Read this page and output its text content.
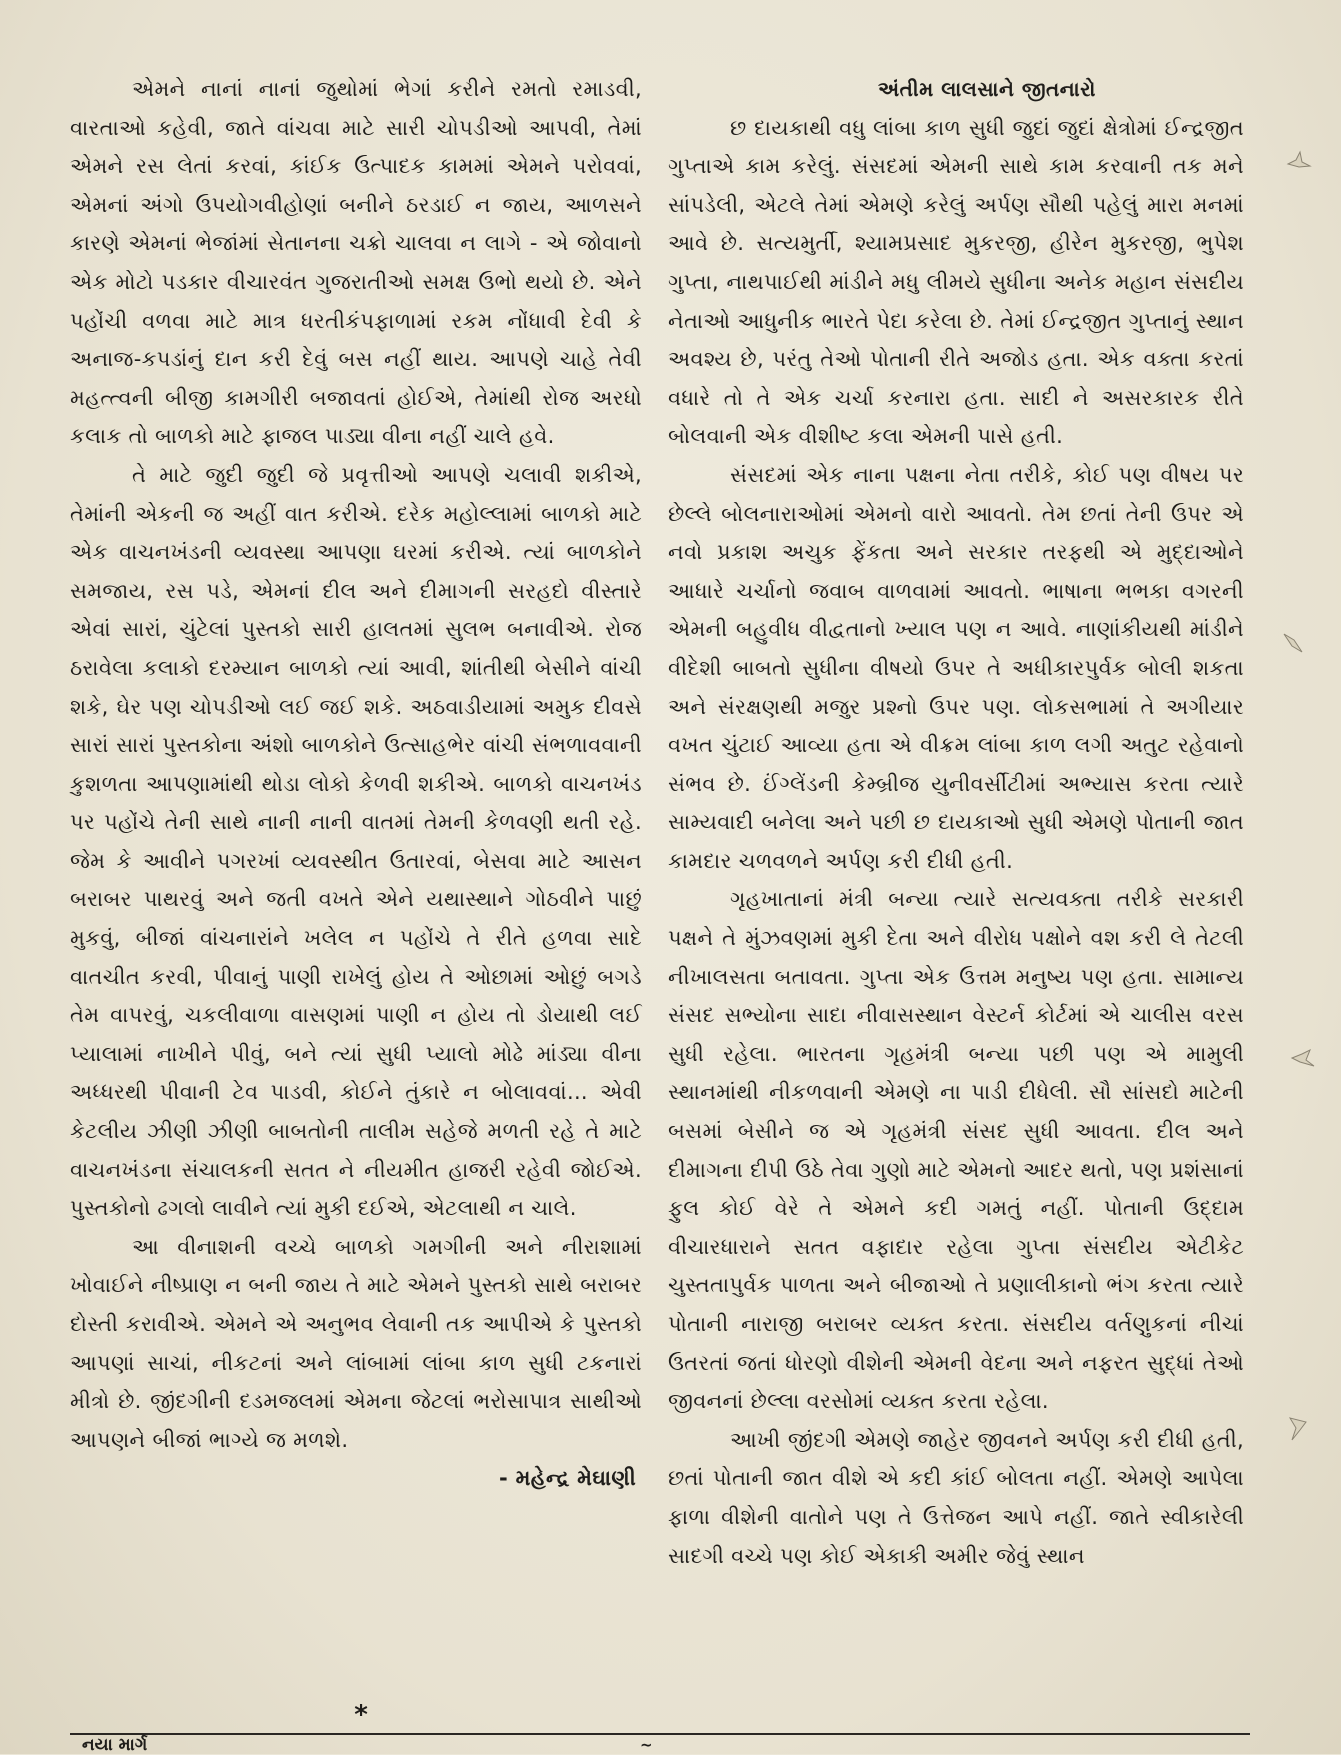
એમને નાનાં નાનાં જુથોમાં ભેગાં કરીને રમતો રમાડવી, વારતાઓ કહેવી, જાતે વાંચવા માટે સારી ચોપડીઓ આપવી, તેમાં એમને રસ લેતાં કરવાં, કાંઈક ઉત્પાદક કામમાં એમને પરોવવાં, એમનાં અંગો ઉપયોગવીહોણાં બનીને ઠરડાઈ ન જાય, આળસને કારણે એમનાં ભેજાંમાં સેતાનના ચક્રો ચાલવા ન લાગે - એ જોવાનો એક મોટો પડકાર વીચારવંત ગુજરાતીઓ સમક્ષ ઉભો થયો છે. એને પહોંચી વળવા માટે માત્ર ધરતીકંપફાળામાં રકમ નોંધાવી દેવી કે અનાજ-કપડાંનું દાન કરી દેવું બસ નહીં થાય. આપણે ચાહે તેવી મહત્ત્વની બીજી કામગીરી બજાવતાં હોઈએ, તેમાંથી રોજ અરધો કલાક તો બાળકો માટે ફાજલ પાડ્યા વીના નહીં ચાલે હવે.

તે માટે જુદી જુદી જે પ્રવૃત્તીઓ આપણે ચલાવી શકીએ, તેમાંની એકની જ અહીં વાત કરીએ. દરેક મહોલ્લામાં બાળકો માટે એક વાચનખંડની વ્યવસ્થા આપણા ઘરમાં કરીએ. ત્યાં બાળકોને સમજાય, રસ પડે, એમનાં દીલ અને દીમાગની સરહદો વીસ્તારે એવાં સારાં, ચુંટેલાં પુસ્તકો સારી હાલતમાં સુલભ બનાવીએ. રોજ ઠરાવેલા કલાકો દરમ્યાન બાળકો ત્યાં આવી, શાંતીથી બેસીને વાંચી શકે, ઘેર પણ ચોપડીઓ લઈ જઈ શકે. અઠવાડીયામાં અમુક દીવસે સારાં સારાં પુસ્તકોના અંશો બાળકોને ઉત્સાહભેર વાંચી સંભળાવવાની કુશળતા આપણામાંથી થોડા લોકો કેળવી શકીએ. બાળકો વાચનખંડ પર પહોંચે તેની સાથે નાની નાની વાતમાં તેમની કેળવણી થતી રહે. જેમ કે આવીને પગરખાં વ્યવસ્થીત ઉતારવાં, બેસવા માટે આસન બરાબર પાથરવું અને જતી વખતે એને યથાસ્થાને ગોઠવીને પાછું મુકવું, બીજાં વાંચનારાંને ખલેલ ન પહોંચે તે રીતે હળવા સાદે વાતચીત કરવી, પીવાનું પાણી રાખેલું હોય તે ઓછામાં ઓછું બગડે તેમ વાપરવું, ચકલીવાળા વાસણમાં પાણી ન હોય તો ડોયાથી લઈ પ્યાલામાં નાખીને પીવું, બને ત્યાં સુધી પ્યાલો મોઢે માંડ્યા વીના અધ્ધરથી પીવાની ટેવ પાડવી, કોઈને તુંકારે ન બોલાવવાં... એવી કેટલીય ઝીણી ઝીણી બાબતોની તાલીમ સહેજે મળતી રહે તે માટે વાચનખંડના સંચાલકની સતત ને નીયમીત હાજરી રહેવી જોઈએ. પુસ્તકોનો ઢગલો લાવીને ત્યાં મુકી દઈએ, એટલાથી ન ચાલે.

આ વીનાશની વચ્ચે બાળકો ગમગીની અને નીરાશામાં ખોવાઈને નીષ્પ્રાણ ન બની જાય તે માટે એમને પુસ્તકો સાથે બરાબર દોસ્તી કરાવીએ. એમને એ અનુભવ લેવાની તક આપીએ કે પુસ્તકો આપણાં સાચાં, નીકટનાં અને લાંબામાં લાંબા કાળ સુધી ટકનારાં મીત્રો છે. જીંદગીની દડમજલમાં એમના જેટલાં ભરોસાપાત્ર સાથીઓ આપણને બીજાં ભાગ્યે જ મળશે.

- મહેન્દ્ર મેઘાણી

*

અંતીમ લાલસાને જીતનારો

છ દાયકાથી વધુ લાંબા કાળ સુધી જુદાં જુદાં ક્ષેત્રોમાં ઈન્દ્રજીત ગુપ્તાએ કામ કરેલું. સંસદમાં એમની સાથે કામ કરવાની તક મને સાંપડેલી, એટલે તેમાં એમણે કરેલું અર્પણ સૌથી પહેલું મારા મનમાં આવે છે. સત્યમુર્તી, શ્યામપ્રસાદ મુકરજી, હીરેન મુકરજી, ભુપેશ ગુપ્તા, નાથપાઈથી માંડીને મધુ લીમયે સુધીના અનેક મહાન સંસદીય નેતાઓ આધુનીક ભારતે પેદા કરેલા છે. તેમાં ઈન્દ્રજીત ગુપ્તાનું સ્થાન અવશ્ય છે, પરંતુ તેઓ પોતાની રીતે અજોડ હતા. એક વક્તા કરતાં વધારે તો તે એક ચર્ચા કરનારા હતા. સાદી ને અસરકારક રીતે બોલવાની એક વીશીષ્ટ કલા એમની પાસે હતી.

સંસદમાં એક નાના પક્ષના નેતા તરીકે, કોઈ પણ વીષય પર છેલ્લે બોલનારાઓમાં એમનો વારો આવતો. તેમ છતાં તેની ઉપર એ નવો પ્રકાશ અચુક ફેંકતા અને સરકાર તરફથી એ મુદ્દાઓને આધારે ચર્ચાનો જવાબ વાળવામાં આવતો. ભાષાના ભભકા વગરની એમની બહુવીધ વીદ્વતાનો ખ્યાલ પણ ન આવે. નાણાંકીયથી માંડીને વીદેશી બાબતો સુધીના વીષયો ઉપર તે અધીકારપુર્વક બોલી શકતા અને સંરક્ષણથી મજુર પ્રશ્નો ઉપર પણ. લોકસભામાં તે અગીયાર વખત ચુંટાઈ આવ્યા હતા એ વીક્રમ લાંબા કાળ લગી અતુટ રહેવાનો સંભવ છે. ઈંગ્લેંડની કેમ્બ્રીજ યુનીવર્સીટીમાં અભ્યાસ કરતા ત્યારે સામ્યવાદી બનેલા અને પછી છ દાયકાઓ સુધી એમણે પોતાની જાત કામદાર ચળવળને અર્પણ કરી દીધી હતી.

ગૃહખાતાનાં મંત્રી બન્યા ત્યારે સત્યવક્તા તરીકે સરકારી પક્ષને તે મુંઝવણમાં મુકી દેતા અને વીરોધ પક્ષોને વશ કરી લે તેટલી નીખાલસતા બતાવતા. ગુપ્તા એક ઉત્તમ મનુષ્ય પણ હતા. સામાન્ય સંસદ સભ્યોના સાદા નીવાસસ્થાન વેસ્ટર્ન કોર્ટમાં એ ચાલીસ વરસ સુધી રહેલા. ભારતના ગૃહમંત્રી બન્યા પછી પણ એ મામુલી સ્થાનમાંથી નીકળવાની એમણે ના પાડી દીધેલી. સૌ સાંસદો માટેની બસમાં બેસીને જ એ ગૃહમંત્રી સંસદ સુધી આવતા. દીલ અને દીમાગના દીપી ઉઠે તેવા ગુણો માટે એમનો આદર થતો, પણ પ્રશંસાનાં ફુલ કોઈ વેરે તે એમને કદી ગમતું નહીં. પોતાની ઉદ્દામ વીચારધારાને સતત વફાદાર રહેલા ગુપ્તા સંસદીય એટીકેટ ચુસ્તતાપુર્વક પાળતા અને બીજાઓ તે પ્રણાલીકાનો ભંગ કરતા ત્યારે પોતાની નારાજી બરાબર વ્યક્ત કરતા. સંસદીય વર્તણુકનાં નીચાં ઉતરતાં જતાં ધોરણો વીશેની એમની વેદના અને નફરત સુદ્ધાં તેઓ જીવનનાં છેલ્લા વરસોમાં વ્યક્ત કરતા રહેલા.

આખી જીંદગી એમણે જાહેર જીવનને અર્પણ કરી દીધી હતી, છતાં પોતાની જાત વીશે એ કદી કાંઈ બોલતા નહીં. એમણે આપેલા ફાળા વીશેની વાતોને પણ તે ઉત્તેજન આપે નહીં. જાતે સ્વીકારેલી સાદગી વચ્ચે પણ કોઈ એકાકી અમીર જેવું સ્થાન

નયા માર્ગ	~
